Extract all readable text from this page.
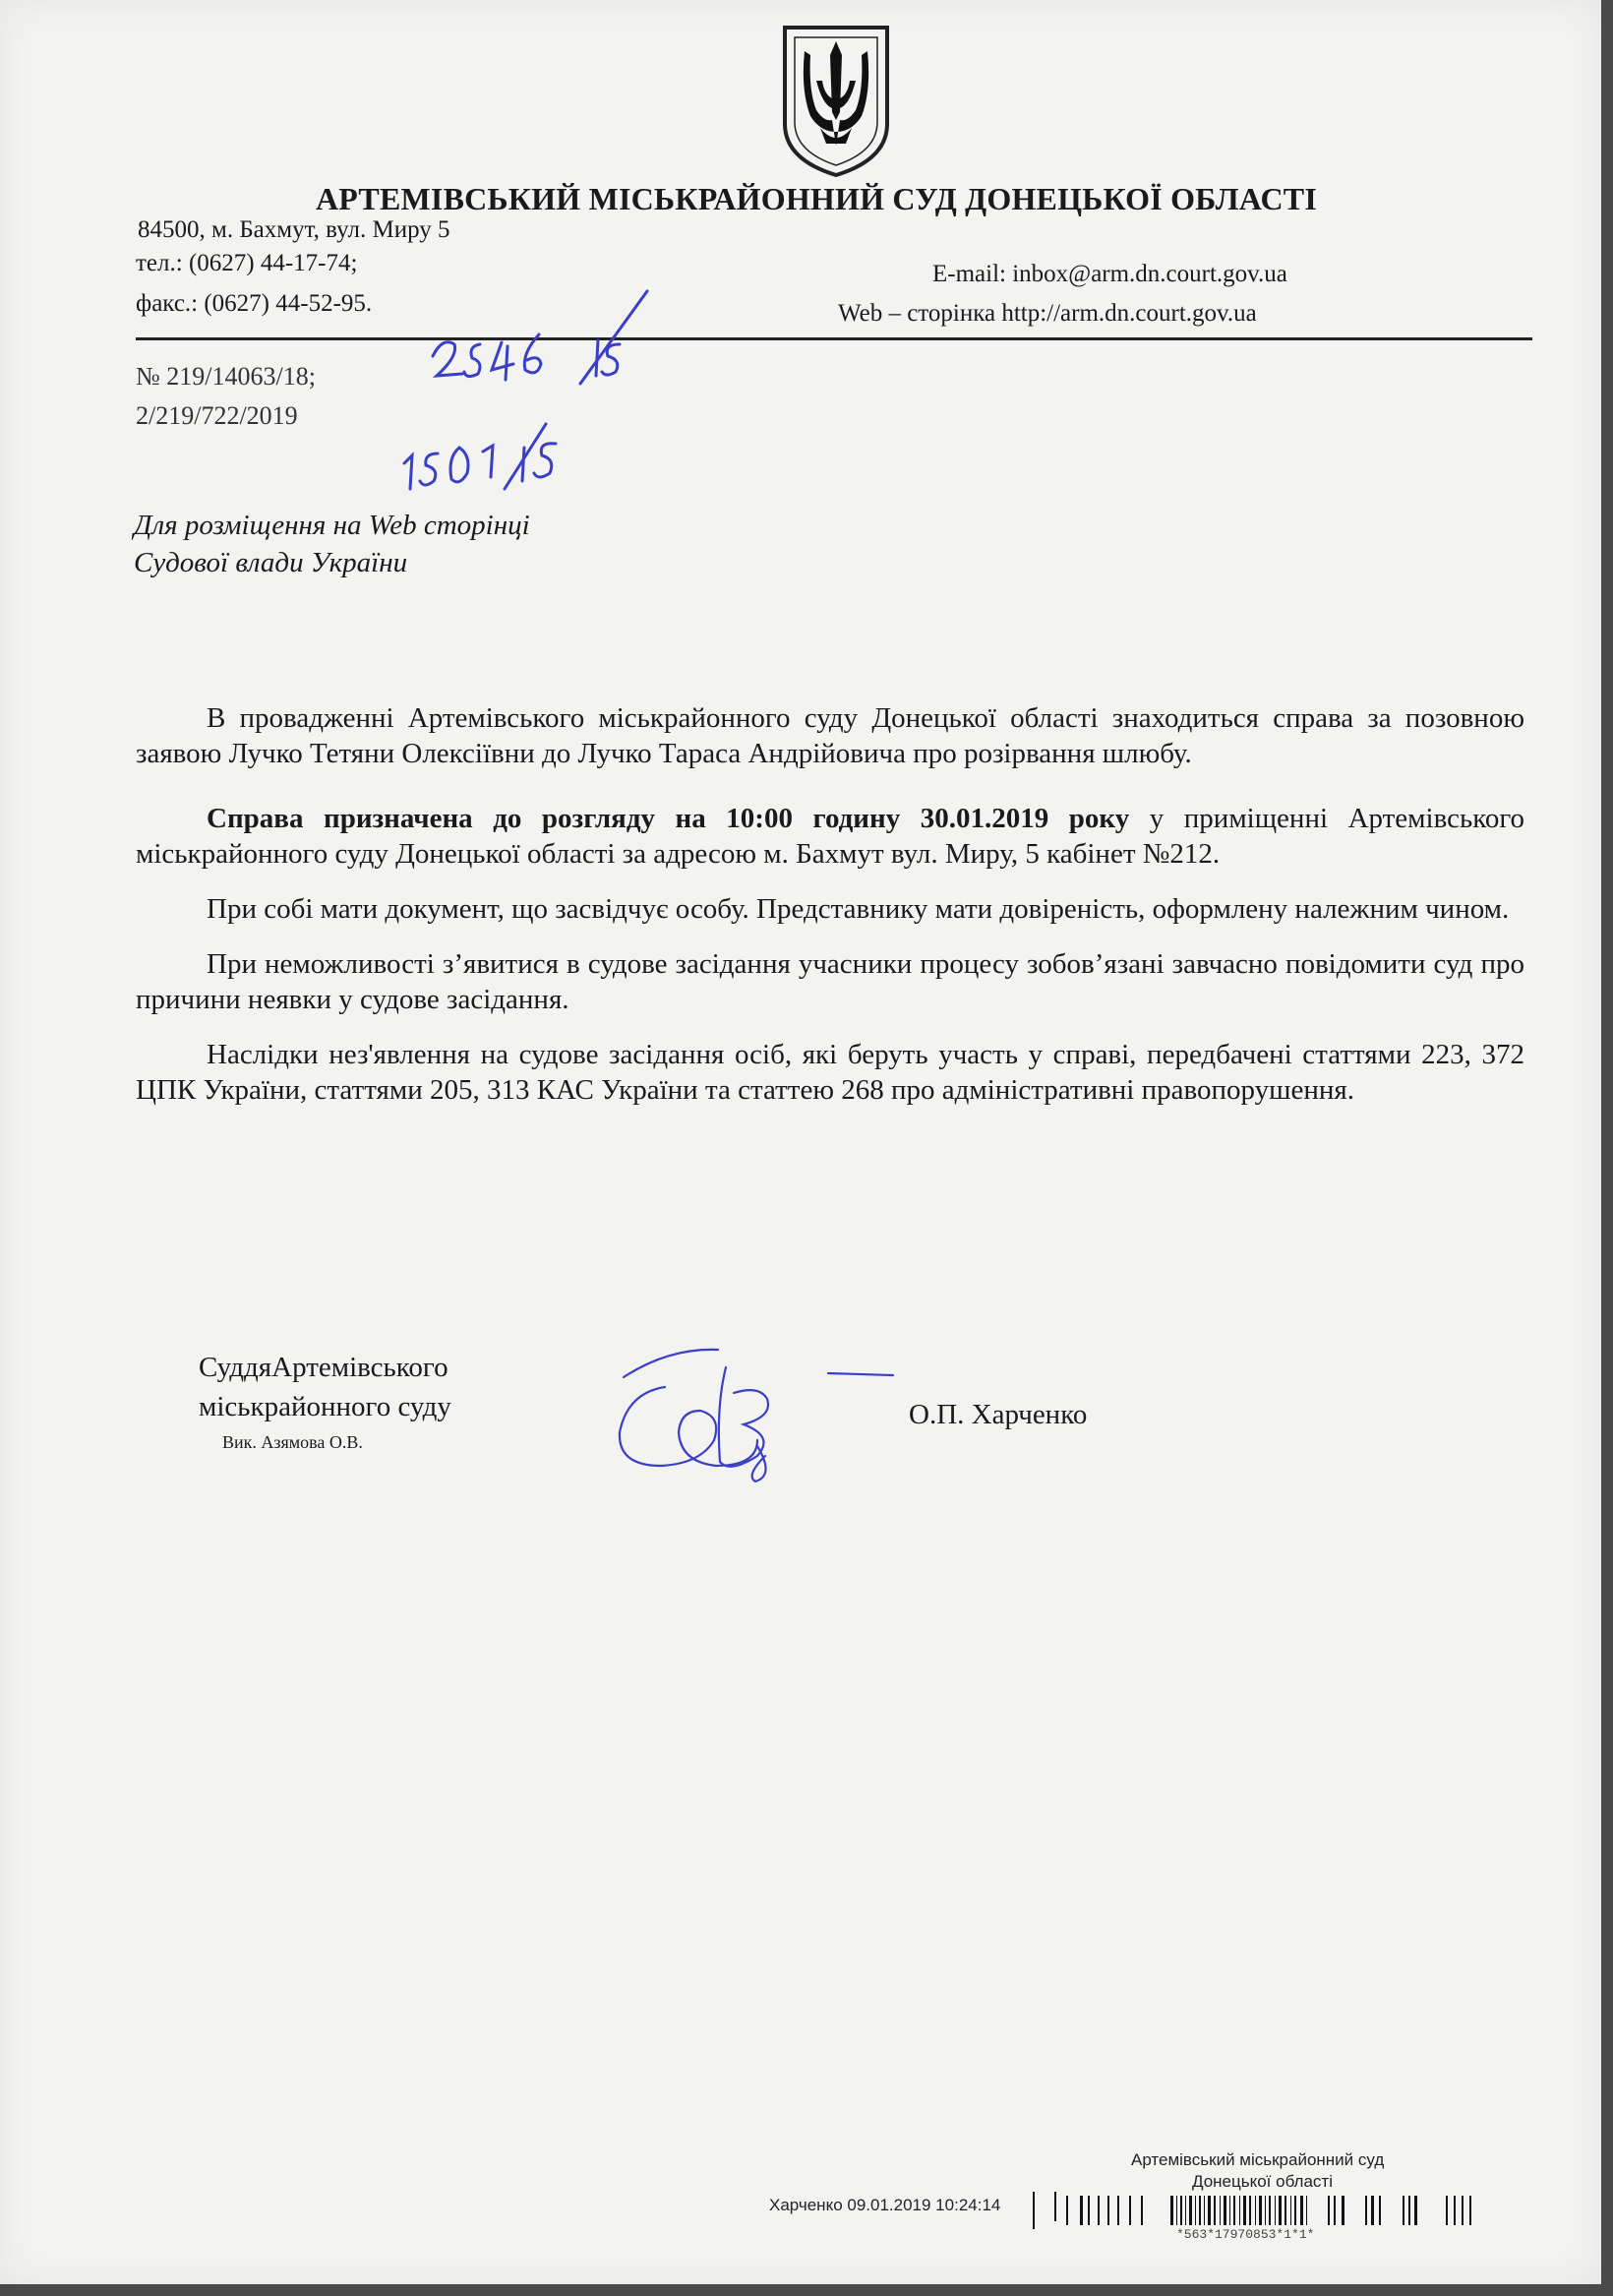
АРТЕМІВСЬКИЙ МІСЬКРАЙОННИЙ СУД ДОНЕЦЬКОЇ ОБЛАСТІ
84500, м. Бахмут, вул. Миру 5
тел.: (0627) 44-17-74;
факс.: (0627) 44-52-95.
E-mail: inbox@arm.dn.court.gov.ua
Web – сторінка http://arm.dn.court.gov.ua
№ 219/14063/18;
2/219/722/2019
Для розміщення на Web сторінці
Судової влади України

В провадженні Артемівського міськрайонного суду Донецької області знаходиться справа за позовною заявою Лучко Тетяни Олексіївни до Лучко Тараса Андрійовича про розірвання шлюбу.

Справа призначена до розгляду на 10:00 годину 30.01.2019 року у приміщенні Артемівського міськрайонного суду Донецької області за адресою м. Бахмут вул. Миру, 5 кабінет №212.

При собі мати документ, що засвідчує особу. Представнику мати довіреність, оформлену належним чином.

При неможливості з’явитися в судове засідання учасники процесу зобов’язані завчасно повідомити суд про причини неявки у судове засідання.

Наслідки нез'явлення на судове засідання осіб, які беруть участь у справі, передбачені статтями 223, 372 ЦПК України, статтями 205, 313 КАС України та статтею 268 про адміністративні правопорушення.

СуддяАртемівського
міськрайонного суду
Вик. Азямова О.В.
О.П. Харченко
Артемівський міськрайонний суд
Донецької області
Харченко 09.01.2019 10:24:14
*563*17970853*1*1*
